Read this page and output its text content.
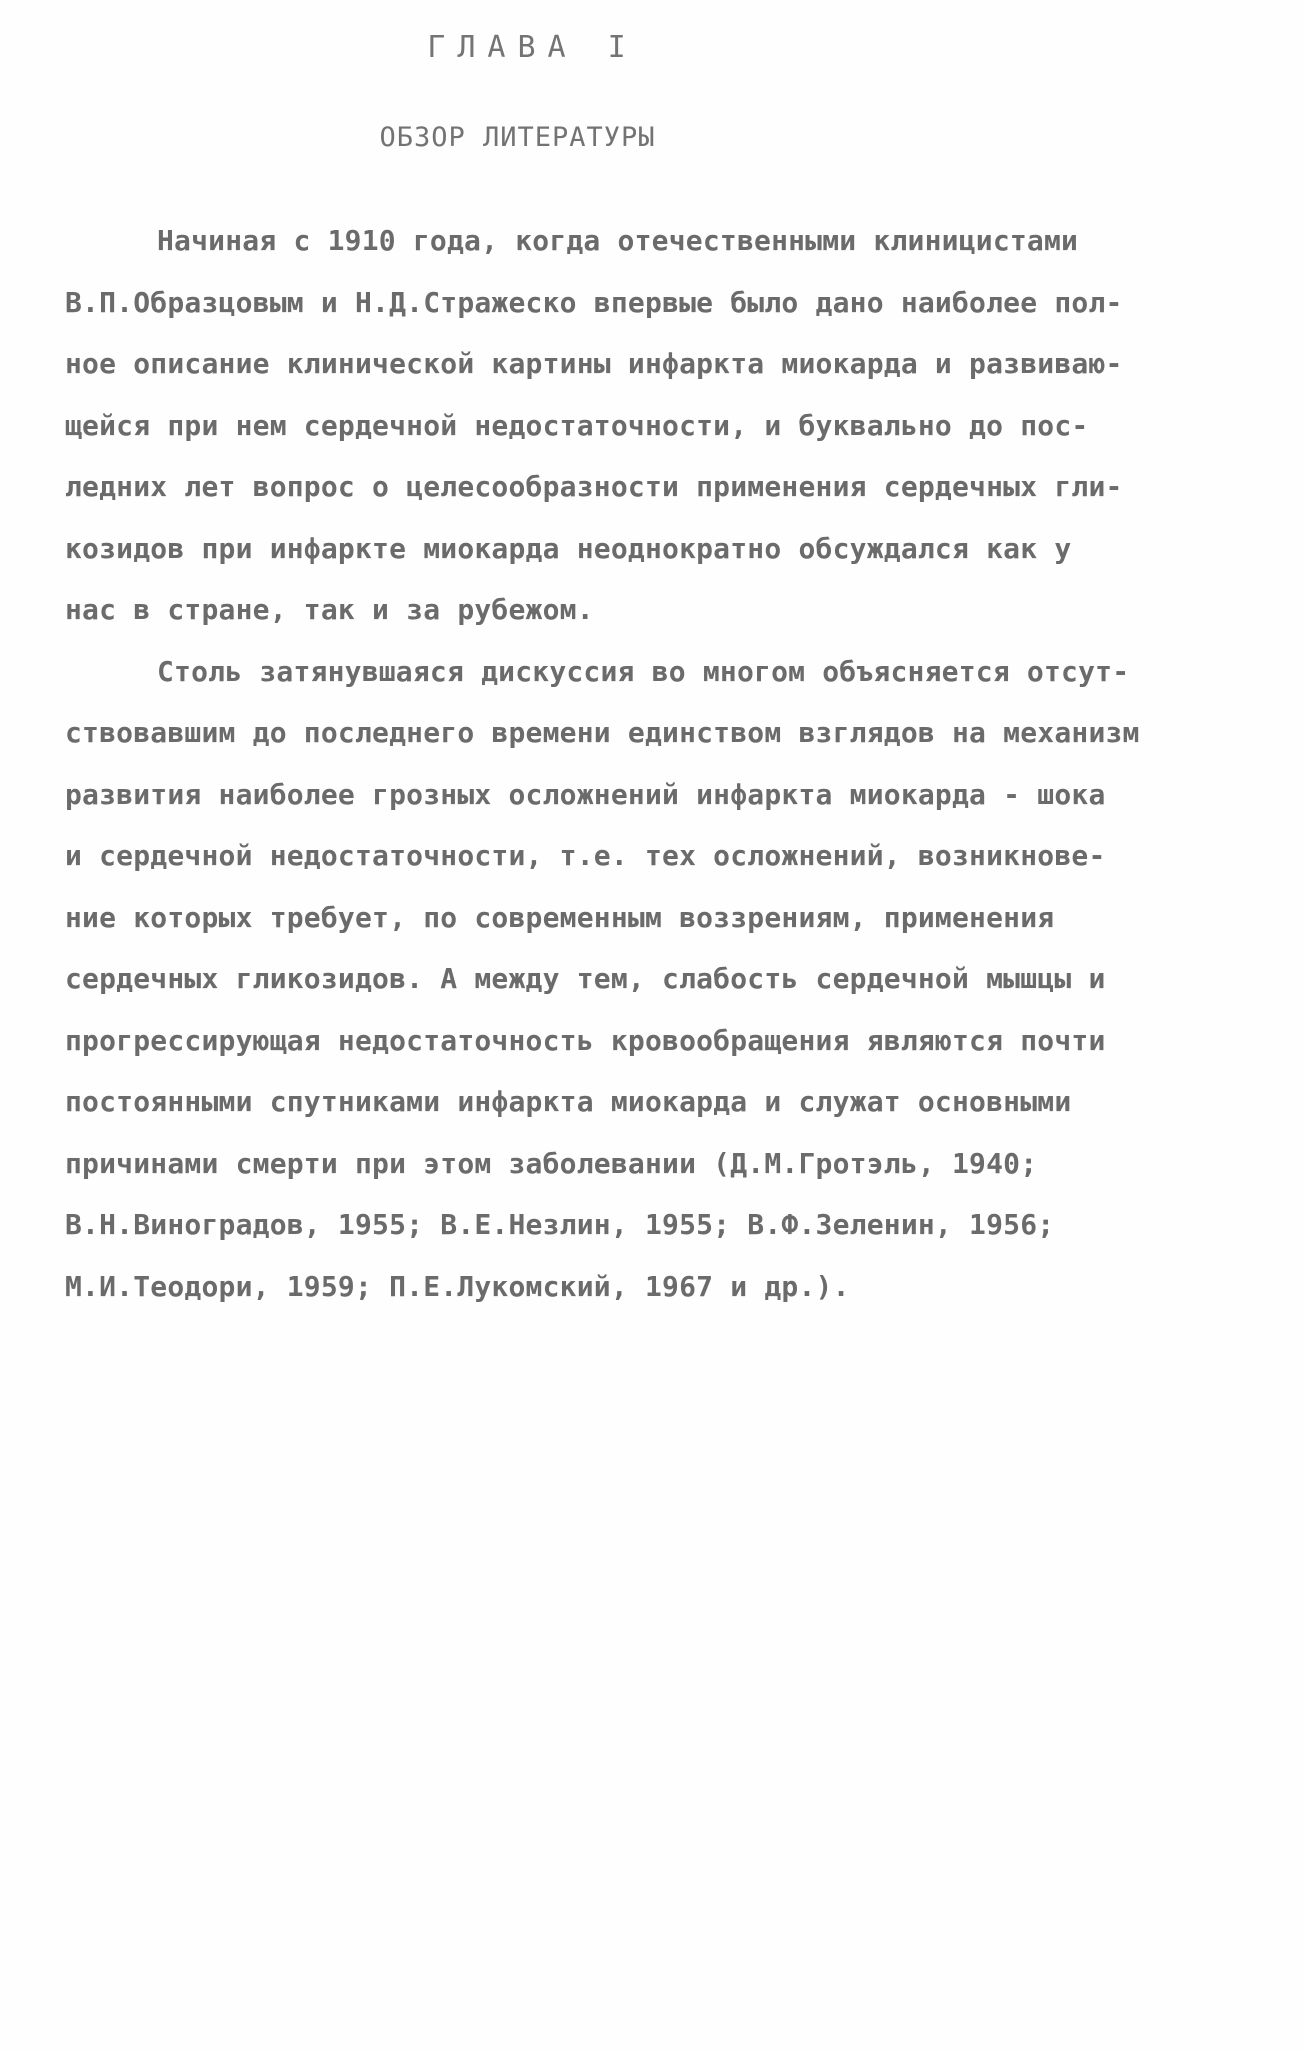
ГЛАВА I
ОБЗОР ЛИТЕРАТУРЫ
Начиная с 1910 года, когда отечественными клиницистами
В.П.Образцовым и Н.Д.Стражеско впервые было дано наиболее пол-
ное описание клинической картины инфаркта миокарда и развиваю-
щейся при нем сердечной недостаточности, и буквально до пос-
ледних лет вопрос о целесообразности применения сердечных гли-
козидов при инфаркте миокарда неоднократно обсуждался как у
нас в стране, так и за рубежом.
Столь затянувшаяся дискуссия во многом объясняется отсут-
ствовавшим до последнего времени единством взглядов на механизм
развития наиболее грозных осложнений инфаркта миокарда - шока
и сердечной недостаточности, т.е. тех осложнений, возникнове-
ние которых требует, по современным воззрениям, применения
сердечных гликозидов. А между тем, слабость сердечной мышцы и
прогрессирующая недостаточность кровообращения являются почти
постоянными спутниками инфаркта миокарда и служат основными
причинами смерти при этом заболевании (Д.М.Гротэль, 1940;
В.Н.Виноградов, 1955; В.Е.Незлин, 1955; В.Ф.Зеленин, 1956;
М.И.Теодори, 1959; П.Е.Лукомский, 1967 и др.).
